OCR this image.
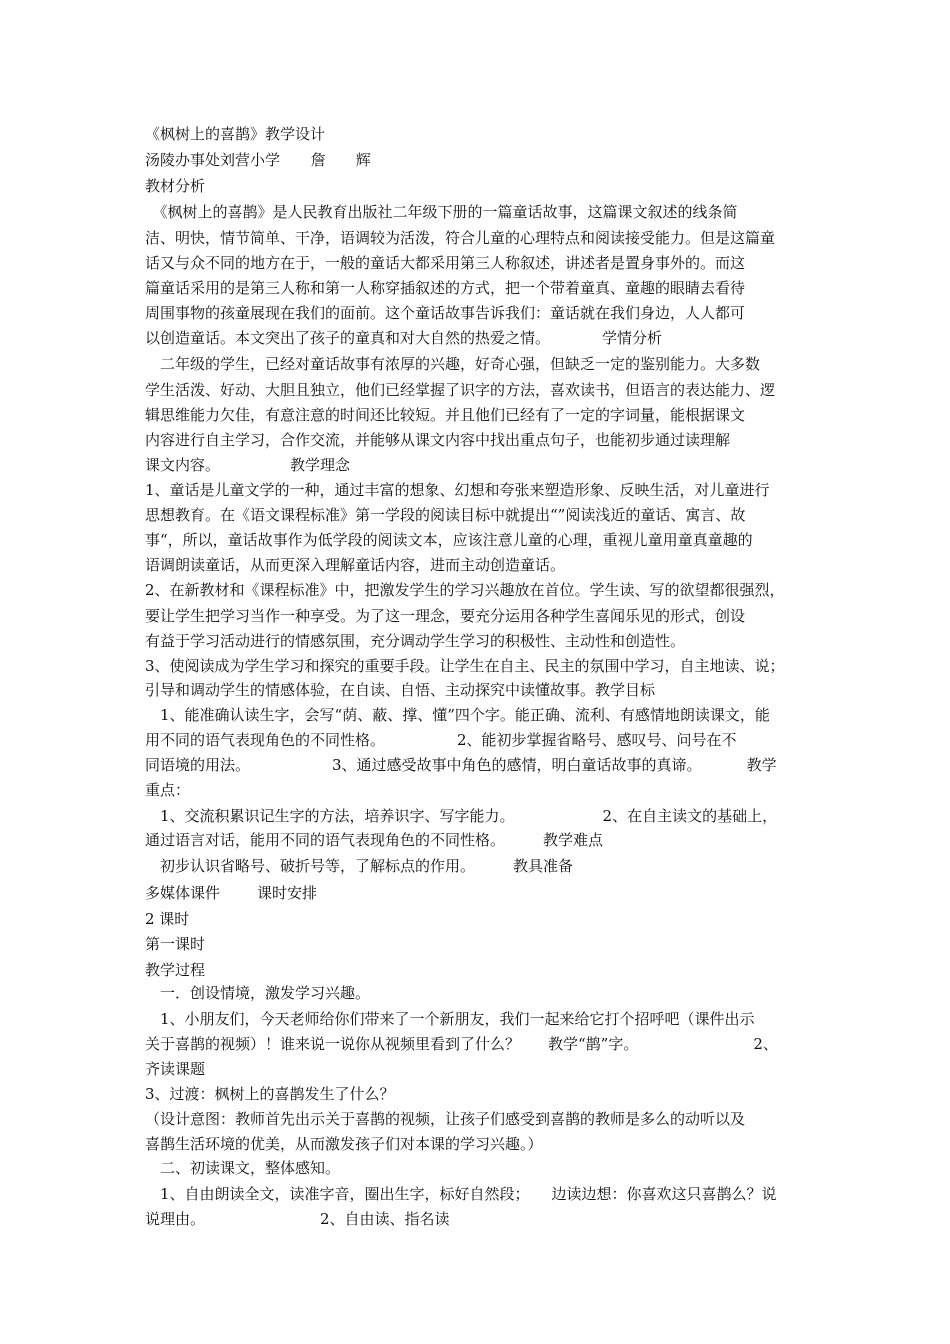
《枫树上的喜鹊》教学设计
汤陵办事处刘营小学 詹　　辉
教材分析
　《枫树上的喜鹊》是人民教育出版社二年级下册的一篇童话故事，这篇课文叙述的线条简
洁、明快，情节简单、干净，语调较为活泼，符合儿童的心理特点和阅读接受能力。但是这篇童
话又与众不同的地方在于，一般的童话大都采用第三人称叙述，讲述者是置身事外的。而这
篇童话采用的是第三人称和第一人称穿插叙述的方式，把一个带着童真、童趣的眼睛去看待
周围事物的孩童展现在我们的面前。这个童话故事告诉我们：童话就在我们身边，人人都可
以创造童话。本文突出了孩子的童真和对大自然的热爱之情。	学情分析
　二年级的学生，已经对童话故事有浓厚的兴趣，好奇心强，但缺乏一定的鉴别能力。大多数
学生活泼、好动、大胆且独立，他们已经掌握了识字的方法，喜欢读书，但语言的表达能力、逻
辑思维能力欠佳，有意注意的时间还比较短。并且他们已经有了一定的字词量，能根据课文
内容进行自主学习，合作交流，并能够从课文内容中找出重点句子，也能初步通过读理解
课文内容。	教学理念
1、童话是儿童文学的一种，通过丰富的想象、幻想和夸张来塑造形象、反映生活，对儿童进行
思想教育。在《语文课程标准》第一学段的阅读目标中就提出“”阅读浅近的童话、寓言、故
事“，所以，童话故事作为低学段的阅读文本，应该注意儿童的心理，重视儿童用童真童趣的
语调朗读童话，从而更深入理解童话内容，进而主动创造童话。
2、在新教材和《课程标准》中，把激发学生的学习兴趣放在首位。学生读、写的欲望都很强烈，
要让学生把学习当作一种享受。为了这一理念，要充分运用各种学生喜闻乐见的形式，创设
有益于学习活动进行的情感氛围，充分调动学生学习的积极性、主动性和创造性。
3、使阅读成为学生学习和探究的重要手段。让学生在自主、民主的氛围中学习，自主地读、说；
引导和调动学生的情感体验，在自读、自悟、主动探究中读懂故事。教学目标
　1、能准确认读生字，会写“荫、蔽、撑、懂”四个字。能正确、流利、有感情地朗读课文，能
用不同的语气表现角色的不同性格。	2、能初步掌握省略号、感叹号、问号在不
同语境的用法。	3、通过感受故事中角色的感情，明白童话故事的真谛。	教学
重点：
　1、交流积累识记生字的方法，培养识字、写字能力。	2、在自主读文的基础上，
通过语言对话，能用不同的语气表现角色的不同性格。	教学难点
　初步认识省略号、破折号等，了解标点的作用。	教具准备
多媒体课件 课时安排
2 课时
第一课时
教学过程
　一．创设情境，激发学习兴趣。
　1、小朋友们，今天老师给你们带来了一个新朋友，我们一起来给它打个招呼吧（课件出示
关于喜鹊的视频）！谁来说一说你从视频里看到了什么？ 教学“鹊”字。	2、
齐读课题
3、过渡：枫树上的喜鹊发生了什么？
（设计意图：教师首先出示关于喜鹊的视频，让孩子们感受到喜鹊的教师是多么的动听以及
喜鹊生活环境的优美，从而激发孩子们对本课的学习兴趣。）
　二、初读课文，整体感知。
　1、自由朗读全文，读准字音，圈出生字，标好自然段； 边读边想：你喜欢这只喜鹊么？说
说理由。	2、自由读、指名读
